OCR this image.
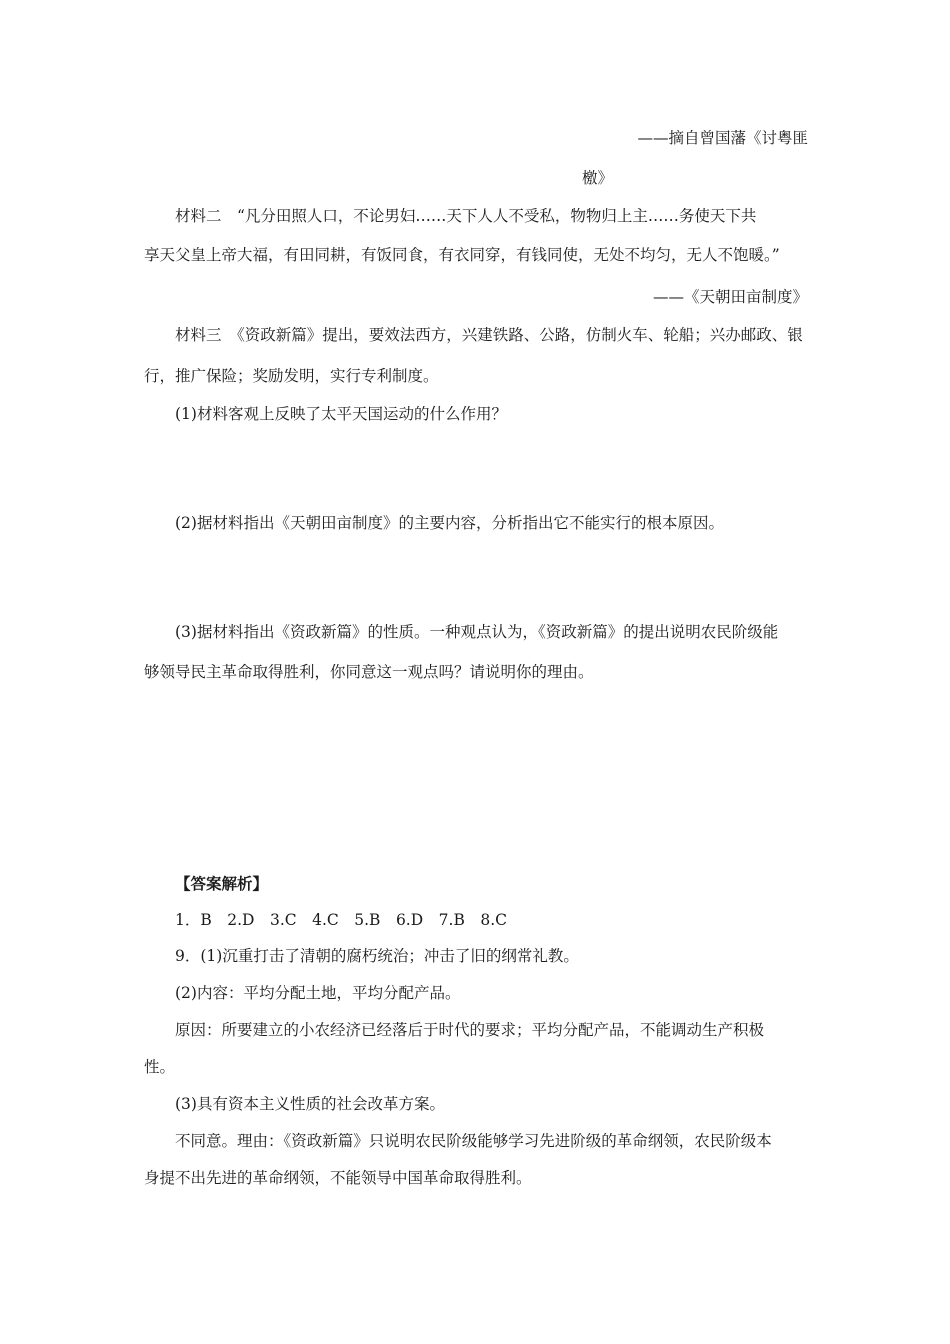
——摘自曾国藩《讨粤匪
檄》
材料二　“凡分田照人口，不论男妇……天下人人不受私，物物归上主……务使天下共
享天父皇上帝大福，有田同耕，有饭同食，有衣同穿，有钱同使，无处不均匀，无人不饱暖。”
——《天朝田亩制度》
材料三　《资政新篇》提出，要效法西方，兴建铁路、公路，仿制火车、轮船；兴办邮政、银
行，推广保险；奖励发明，实行专利制度。
(1)材料客观上反映了太平天国运动的什么作用？
(2)据材料指出《天朝田亩制度》的主要内容，分析指出它不能实行的根本原因。
(3)据材料指出《资政新篇》的性质。一种观点认为，《资政新篇》的提出说明农民阶级能
够领导民主革命取得胜利，你同意这一观点吗？请说明你的理由。
【答案解析】
1．B　2.D　3.C　4.C　5.B　6.D　7.B　8.C
9．(1)沉重打击了清朝的腐朽统治；冲击了旧的纲常礼教。
(2)内容：平均分配土地，平均分配产品。
原因：所要建立的小农经济已经落后于时代的要求；平均分配产品，不能调动生产积极
性。
(3)具有资本主义性质的社会改革方案。
不同意。理由：《资政新篇》只说明农民阶级能够学习先进阶级的革命纲领，农民阶级本
身提不出先进的革命纲领，不能领导中国革命取得胜利。
